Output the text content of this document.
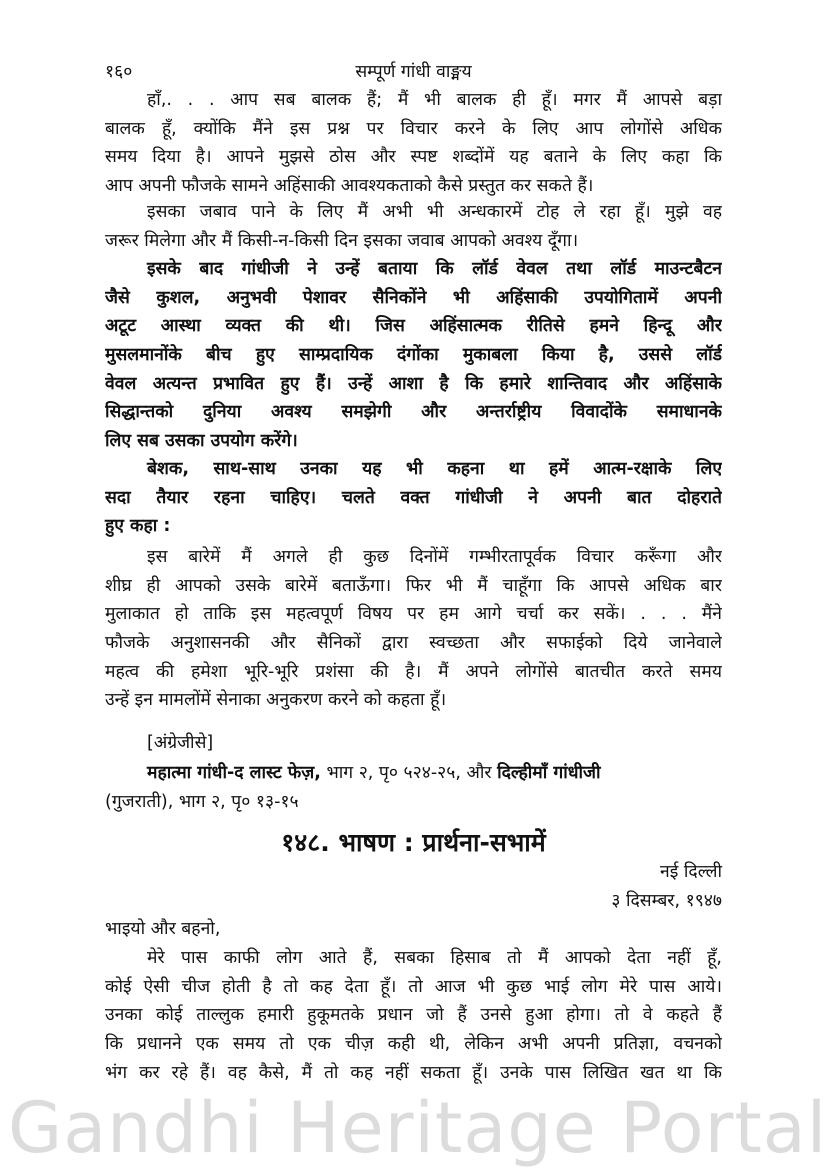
१६०	सम्पूर्ण गांधी वाङ्मय
हाँ,. . . आप सब बालक हैं; मैं भी बालक ही हूँ। मगर मैं आपसे बड़ा
बालक हूँ, क्योंकि मैंने इस प्रश्न पर विचार करने के लिए आप लोगोंसे अधिक
समय दिया है। आपने मुझसे ठोस और स्पष्ट शब्दोंमें यह बताने के लिए कहा कि
आप अपनी फौजके सामने अहिंसाकी आवश्यकताको कैसे प्रस्तुत कर सकते हैं।
इसका जबाव पाने के लिए मैं अभी भी अन्धकारमें टोह ले रहा हूँ। मुझे वह
जरूर मिलेगा और मैं किसी-न-किसी दिन इसका जवाब आपको अवश्य दूँगा।
इसके बाद गांधीजी ने उन्हें बताया कि लॉर्ड वेवल तथा लॉर्ड माउन्टबैटन
जैसे कुशल, अनुभवी पेशावर सैनिकोंने भी अहिंसाकी उपयोगितामें अपनी
अटूट आस्था व्यक्त की थी। जिस अहिंसात्मक रीतिसे हमने हिन्दू और
मुसलमानोंके बीच हुए साम्प्रदायिक दंगोंका मुकाबला किया है, उससे लॉर्ड
वेवल अत्यन्त प्रभावित हुए हैं। उन्हें आशा है कि हमारे शान्तिवाद और अहिंसाके
सिद्धान्तको दुनिया अवश्य समझेगी और अन्तर्राष्ट्रीय विवादोंके समाधानके
लिए सब उसका उपयोग करेंगे।
बेशक, साथ-साथ उनका यह भी कहना था हमें आत्म-रक्षाके लिए
सदा तैयार रहना चाहिए। चलते वक्त गांधीजी ने अपनी बात दोहराते
हुए कहा :
इस बारेमें मैं अगले ही कुछ दिनोंमें गम्भीरतापूर्वक विचार करूँगा और
शीघ्र ही आपको उसके बारेमें बताऊँगा। फिर भी मैं चाहूँगा कि आपसे अधिक बार
मुलाकात हो ताकि इस महत्वपूर्ण विषय पर हम आगे चर्चा कर सकें। . . . मैंने
फौजके अनुशासनकी और सैनिकों द्वारा स्वच्छता और सफाईको दिये जानेवाले
महत्व की हमेशा भूरि-भूरि प्रशंसा की है। मैं अपने लोगोंसे बातचीत करते समय
उन्हें इन मामलोंमें सेनाका अनुकरण करने को कहता हूँ।
[अंग्रेजीसे]
महात्मा गांधी-द लास्ट फेज़, भाग २, पृ० ५२४-२५, और दिल्हीमाँ गांधीजी
(गुजराती), भाग २, पृ० १३-१५
१४८. भाषण : प्रार्थना-सभामें
नई दिल्ली
३ दिसम्बर, १९४७
भाइयो और बहनो,
मेरे पास काफी लोग आते हैं, सबका हिसाब तो मैं आपको देता नहीं हूँ,
कोई ऐसी चीज होती है तो कह देता हूँ। तो आज भी कुछ भाई लोग मेरे पास आये।
उनका कोई ताल्लुक हमारी हुकूमतके प्रधान जो हैं उनसे हुआ होगा। तो वे कहते हैं
कि प्रधानने एक समय तो एक चीज़ कही थी, लेकिन अभी अपनी प्रतिज्ञा, वचनको
भंग कर रहे हैं। वह कैसे, मैं तो कह नहीं सकता हूँ। उनके पास लिखित खत था कि
Gandhi Heritage Portal
